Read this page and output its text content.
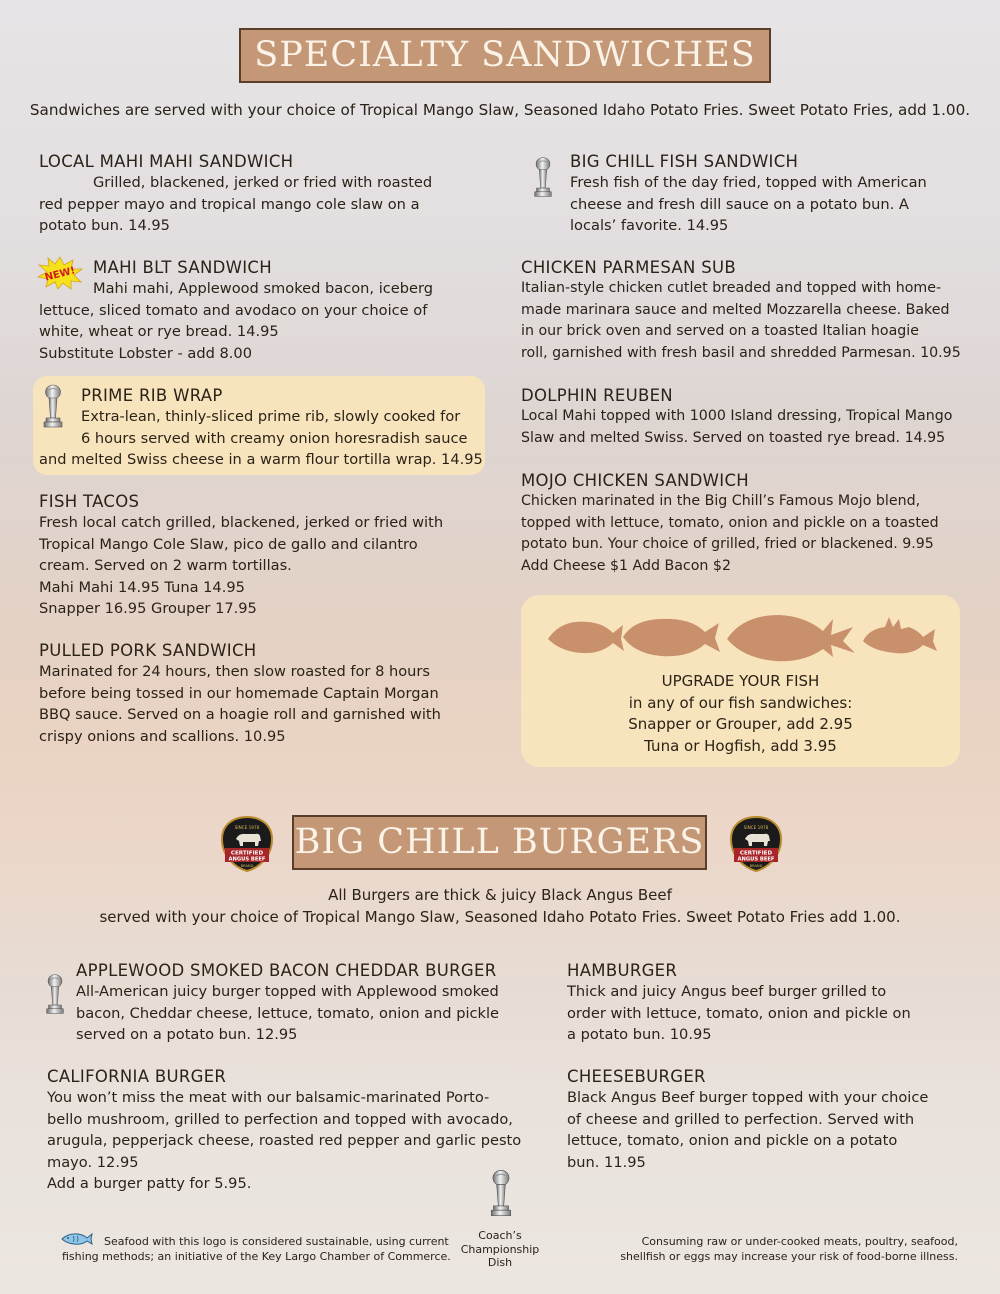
SPECIALTY SANDWICHES
Sandwiches are served with your choice of Tropical Mango Slaw, Seasoned Idaho Potato Fries. Sweet Potato Fries, add 1.00.
LOCAL MAHI MAHI SANDWICH
Grilled, blackened, jerked or fried with roasted
red pepper mayo and tropical mango cole slaw on a
potato bun. 14.95
NEW!	MAHI BLT SANDWICH
Mahi mahi, Applewood smoked bacon, iceberg
lettuce, sliced tomato and avodaco on your choice of
white, wheat or rye bread. 14.95
Substitute Lobster - add 8.00
PRIME RIB WRAP
Extra-lean, thinly-sliced prime rib, slowly cooked for
6 hours served with creamy onion horesradish sauce
and melted Swiss cheese in a warm flour tortilla wrap. 14.95
FISH TACOS
Fresh local catch grilled, blackened, jerked or fried with
Tropical Mango Cole Slaw, pico de gallo and cilantro
cream. Served on 2 warm tortillas.
Mahi Mahi 14.95 Tuna 14.95
Snapper 16.95 Grouper 17.95
PULLED PORK SANDWICH
Marinated for 24 hours, then slow roasted for 8 hours
before being tossed in our homemade Captain Morgan
BBQ sauce. Served on a hoagie roll and garnished with
crispy onions and scallions. 10.95
BIG CHILL FISH SANDWICH
Fresh fish of the day fried, topped with American
cheese and fresh dill sauce on a potato bun. A
locals’ favorite. 14.95
CHICKEN PARMESAN SUB
Italian-style chicken cutlet breaded and topped with home-
made marinara sauce and melted Mozzarella cheese. Baked
in our brick oven and served on a toasted Italian hoagie
roll, garnished with fresh basil and shredded Parmesan. 10.95
DOLPHIN REUBEN
Local Mahi topped with 1000 Island dressing, Tropical Mango
Slaw and melted Swiss. Served on toasted rye bread. 14.95
MOJO CHICKEN SANDWICH
Chicken marinated in the Big Chill’s Famous Mojo blend,
topped with lettuce, tomato, onion and pickle on a toasted
potato bun. Your choice of grilled, fried or blackened. 9.95
Add Cheese $1 Add Bacon $2
UPGRADE YOUR FISH
in any of our fish sandwiches:
Snapper or Grouper, add 2.95
Tuna or Hogfish, add 3.95
SINCE 1978
CERTIFIED
ANGUS BEEF
BRAND
BIG CHILL BURGERS	SINCE 1978
CERTIFIED
ANGUS BEEF
BRAND
All Burgers are thick & juicy Black Angus Beef
served with your choice of Tropical Mango Slaw, Seasoned Idaho Potato Fries. Sweet Potato Fries add 1.00.
APPLEWOOD SMOKED BACON CHEDDAR BURGER
All-American juicy burger topped with Applewood smoked
bacon, Cheddar cheese, lettuce, tomato, onion and pickle
served on a potato bun. 12.95
CALIFORNIA BURGER
You won’t miss the meat with our balsamic-marinated Porto-
bello mushroom, grilled to perfection and topped with avocado,
arugula, pepperjack cheese, roasted red pepper and garlic pesto
mayo. 12.95
Add a burger patty for 5.95.
HAMBURGER
Thick and juicy Angus beef burger grilled to
order with lettuce, tomato, onion and pickle on
a potato bun. 10.95
CHEESEBURGER
Black Angus Beef burger topped with your choice
of cheese and grilled to perfection. Served with
lettuce, tomato, onion and pickle on a potato
bun. 11.95
Seafood with this logo is considered sustainable, using current
fishing methods; an initiative of the Key Largo Chamber of Commerce.
Coach’s
Championship
Dish
Consuming raw or under-cooked meats, poultry, seafood,
shellfish or eggs may increase your risk of food-borne illness.
